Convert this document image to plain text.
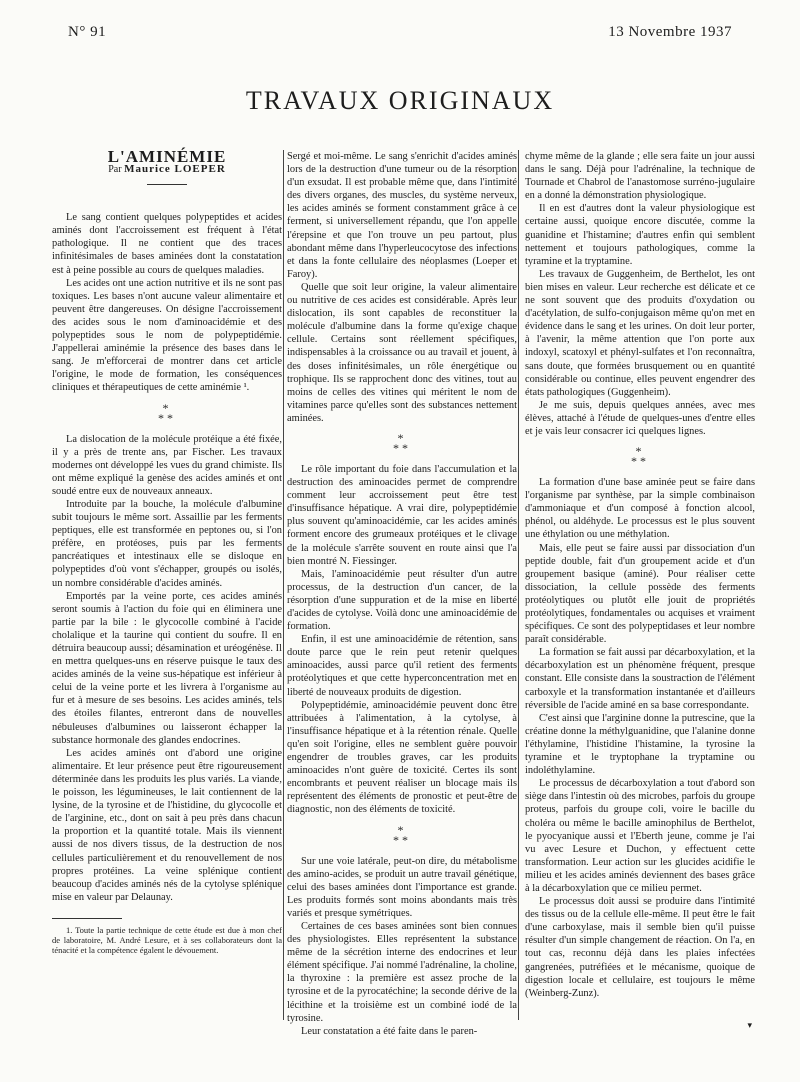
N° 91	13 Novembre 1937
TRAVAUX ORIGINAUX

L'AMINÉMIE

Par Maurice LOEPER

Le sang contient quelques polypeptides et acides aminés dont l'accroissement est fréquent à l'état pathologique. Il ne contient que des traces infinitésimales de bases aminées dont la constatation est à peine possible au cours de quelques maladies.

Les acides ont une action nutritive et ils ne sont pas toxiques. Les bases n'ont aucune valeur alimentaire et peuvent être dangereuses. On désigne l'accroissement des acides sous le nom d'aminoacidémie et des polypeptides sous le nom de polypeptidémie. J'appellerai aminémie la présence des bases dans le sang. Je m'efforcerai de montrer dans cet article l'origine, le mode de formation, les conséquences cliniques et thérapeutiques de cette aminémie ¹.

*
**

La dislocation de la molécule protéique a été fixée, il y a près de trente ans, par Fischer. Les travaux modernes ont développé les vues du grand chimiste. Ils ont même expliqué la genèse des acides aminés et ont soudé entre eux de nouveaux anneaux.

Introduite par la bouche, la molécule d'albumine subit toujours le même sort. Assaillie par les ferments peptiques, elle est transformée en peptones ou, si l'on préfère, en protéoses, puis par les ferments pancréatiques et intestinaux elle se disloque en polypeptides d'où vont s'échapper, groupés ou isolés, un nombre considérable d'acides aminés.

Emportés par la veine porte, ces acides aminés seront soumis à l'action du foie qui en éliminera une partie par la bile : le glycocolle combiné à l'acide cholalique et la taurine qui contient du soufre. Il en détruira beaucoup aussi; désamination et uréogénèse. Il en mettra quelques-uns en réserve puisque le taux des acides aminés de la veine sus-hépatique est inférieur à celui de la veine porte et les livrera à l'organisme au fur et à mesure de ses besoins. Les acides aminés, tels des étoiles filantes, entreront dans de nouvelles nébuleuses d'albumines ou laisseront échapper la substance hormonale des glandes endocrines.

Les acides aminés ont d'abord une origine alimentaire. Et leur présence peut être rigoureusement déterminée dans les produits les plus variés. La viande, le poisson, les légumineuses, le lait contiennent de la lysine, de la tyrosine et de l'histidine, du glycocolle et de l'arginine, etc., dont on sait à peu près dans chacun la proportion et la quantité totale. Mais ils viennent aussi de nos divers tissus, de la destruction de nos cellules particulièrement et du renouvellement de nos propres protéines. La veine splénique contient beaucoup d'acides aminés nés de la cytolyse splénique mise en valeur par Delaunay.

1. Toute la partie technique de cette étude est due à mon chef de laboratoire, M. André Lesure, et à ses collaborateurs dont la ténacité et la compétence égalent le dévouement.

Sergé et moi-même. Le sang s'enrichit d'acides aminés lors de la destruction d'une tumeur ou de la résorption d'un exsudat. Il est probable même que, dans l'intimité des divers organes, des muscles, du système nerveux, les acides aminés se forment constamment grâce à ce ferment, si universellement répandu, que l'on appelle l'érepsine et que l'on trouve un peu partout, plus abondant même dans l'hyperleucocytose des infections et dans la fonte cellulaire des néoplasmes (Loeper et Faroy).

Quelle que soit leur origine, la valeur alimentaire ou nutritive de ces acides est considérable. Après leur dislocation, ils sont capables de reconstituer la molécule d'albumine dans la forme qu'exige chaque cellule. Certains sont réellement spécifiques, indispensables à la croissance ou au travail et jouent, à des doses infinitésimales, un rôle énergétique ou trophique. Ils se rapprochent donc des vitines, tout au moins de celles des vitines qui méritent le nom de vitamines parce qu'elles sont des substances nettement aminées.

*
**

Le rôle important du foie dans l'accumulation et la destruction des aminoacides permet de comprendre comment leur accroissement peut être test d'insuffisance hépatique. A vrai dire, polypeptidémie plus souvent qu'aminoacidémie, car les acides aminés forment encore des grumeaux protéiques et le clivage de la molécule s'arrête souvent en route ainsi que l'a bien montré N. Fiessinger.

Mais, l'aminoacidémie peut résulter d'un autre processus, de la destruction d'un cancer, de la résorption d'une suppuration et de la mise en liberté d'acides de cytolyse. Voilà donc une aminoacidémie de formation.

Enfin, il est une aminoacidémie de rétention, sans doute parce que le rein peut retenir quelques aminoacides, aussi parce qu'il retient des ferments protéolytiques et que cette hyperconcentration met en liberté de nouveaux produits de digestion.

Polypeptidémie, aminoacidémie peuvent donc être attribuées à l'alimentation, à la cytolyse, à l'insuffisance hépatique et à la rétention rénale. Quelle qu'en soit l'origine, elles ne semblent guère pouvoir engendrer de troubles graves, car les produits aminoacides n'ont guère de toxicité. Certes ils sont encombrants et peuvent réaliser un blocage mais ils représentent des éléments de pronostic et peut-être de diagnostic, non des éléments de toxicité.

*
**

Sur une voie latérale, peut-on dire, du métabolisme des amino-acides, se produit un autre travail génétique, celui des bases aminées dont l'importance est grande. Les produits formés sont moins abondants mais très variés et presque symétriques.

Certaines de ces bases aminées sont bien connues des physiologistes. Elles représentent la substance même de la sécrétion interne des endocrines et leur élément spécifique. J'ai nommé l'adrénaline, la choline, la thyroxine : la première est assez proche de la tyrosine et de la pyrocatéchine; la seconde dérive de la lécithine et la troisième est un combiné iodé de la tyrosine.

Leur constatation a été faite dans le paren-

chyme même de la glande ; elle sera faite un jour aussi dans le sang. Déjà pour l'adrénaline, la technique de Tournade et Chabrol de l'anastomose surréno-jugulaire en a donné la démonstration physiologique.

Il en est d'autres dont la valeur physiologique est certaine aussi, quoique encore discutée, comme la guanidine et l'histamine; d'autres enfin qui semblent nettement et toujours pathologiques, comme la tyramine et la tryptamine.

Les travaux de Guggenheim, de Berthelot, les ont bien mises en valeur. Leur recherche est délicate et ce ne sont souvent que des produits d'oxydation ou d'acétylation, de sulfo-conjugaison même qu'on met en évidence dans le sang et les urines. On doit leur porter, à l'avenir, la même attention que l'on porte aux indoxyl, scatoxyl et phényl-sulfates et l'on reconnaîtra, sans doute, que formées brusquement ou en quantité considérable ou continue, elles peuvent engendrer des états pathologiques (Guggenheim).

Je me suis, depuis quelques années, avec mes élèves, attaché à l'étude de quelques-unes d'entre elles et je vais leur consacrer ici quelques lignes.

*
**

La formation d'une base aminée peut se faire dans l'organisme par synthèse, par la simple combinaison d'ammoniaque et d'un composé à fonction alcool, phénol, ou aldéhyde. Le processus est le plus souvent une éthylation ou une méthylation.

Mais, elle peut se faire aussi par dissociation d'un peptide double, fait d'un groupement acide et d'un groupement basique (aminé). Pour réaliser cette dissociation, la cellule possède des ferments protéolytiques ou plutôt elle jouit de propriétés protéolytiques, fondamentales ou acquises et vraiment spécifiques. Ce sont des polypeptidases et leur nombre paraît considérable.

La formation se fait aussi par décarboxylation, et la décarboxylation est un phénomène fréquent, presque constant. Elle consiste dans la soustraction de l'élément carboxyle et la transformation instantanée et d'ailleurs réversible de l'acide aminé en sa base correspondante.

C'est ainsi que l'arginine donne la putrescine, que la créatine donne la méthylguanidine, que l'alanine donne l'éthylamine, l'histidine l'histamine, la tyrosine la tyramine et le tryptophane la tryptamine ou indoléthylamine.

Le processus de décarboxylation a tout d'abord son siège dans l'intestin où des microbes, parfois du groupe proteus, parfois du groupe coli, voire le bacille du choléra ou même le bacille aminophilus de Berthelot, le pyocyanique aussi et l'Eberth jeune, comme je l'ai vu avec Lesure et Duchon, y effectuent cette transformation. Leur action sur les glucides acidifie le milieu et les acides aminés deviennent des bases grâce à la décarboxylation que ce milieu permet.

Le processus doit aussi se produire dans l'intimité des tissus ou de la cellule elle-même. Il peut être le fait d'une carboxylase, mais il semble bien qu'il puisse résulter d'un simple changement de réaction. On l'a, en tout cas, reconnu déjà dans les plaies infectées gangrenées, putréfiées et le mécanisme, quoique de digestion locale et cellulaire, est toujours le même (Weinberg-Zunz).

▾
